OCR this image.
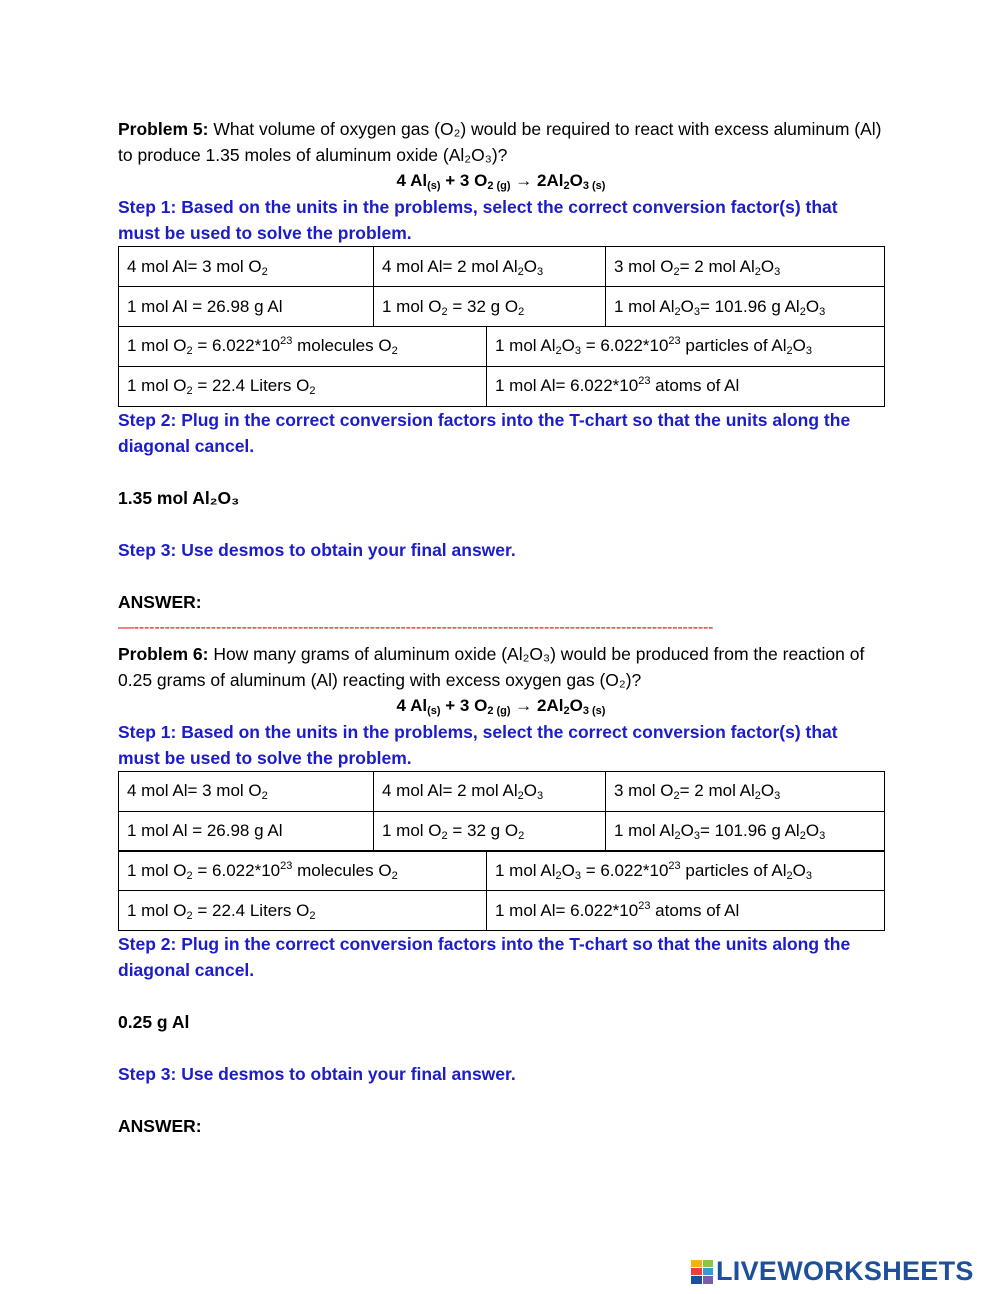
Problem 5: What volume of oxygen gas (O₂) would be required to react with excess aluminum (Al) to produce 1.35 moles of aluminum oxide (Al₂O₃)?

4 $Al_{(s)} + 3$ $O_{2 (g)} \to 2Al_2O_{3 (s)}$

Step 1: Based on the units in the problems, select the correct conversion factor(s) that must be used to solve the problem.

4 mol Al= 3 mol $O_2$	4 mol Al= 2 mol $Al_2O_3$	3 mol $O_2= 2$ mol $Al_2O_3$
1 mol Al = 26.98 g Al	1 mol $O_2 = 32$ g $O_2$	1 mol $Al_2O_3= 101.96$ g $Al_2O_3$
1 mol $O_2 = 6.022*10^{23}$ molecules $O_2$	1 mol $Al_2O_3 = 6.022*10^{23}$ particles of $Al_2O_3$
1 mol $O_2 = 22.4$ Liters $O_2$	1 mol $Al= 6.022*10^{23}$ atoms of Al

Step 2: Plug in the correct conversion factors into the T-chart so that the units along the diagonal cancel.

1.35 mol Al₂O₃

Step 3: Use desmos to obtain your final answer.

ANSWER:

—-----------------------------------------------------------------------------------------------------------------

Problem 6: How many grams of aluminum oxide (Al₂O₃) would be produced from the reaction of 0.25 grams of aluminum (Al) reacting with excess oxygen gas (O₂)?

4 $Al_{(s)} + 3$ $O_{2 (g)} \to 2Al_2O_{3 (s)}$

Step 1: Based on the units in the problems, select the correct conversion factor(s) that must be used to solve the problem.

4 mol Al= 3 mol $O_2$	4 mol Al= 2 mol $Al_2O_3$	3 mol $O_2= 2$ mol $Al_2O_3$
1 mol Al = 26.98 g Al	1 mol $O_2 = 32$ g $O_2$	1 mol $Al_2O_3= 101.96$ g $Al_2O_3$
1 mol $O_2 = 6.022*10^{23}$ molecules $O_2$	1 mol $Al_2O_3 = 6.022*10^{23}$ particles of $Al_2O_3$
1 mol $O_2 = 22.4$ Liters $O_2$	1 mol $Al= 6.022*10^{23}$ atoms of Al

Step 2: Plug in the correct conversion factors into the T-chart so that the units along the diagonal cancel.

0.25 g Al

Step 3: Use desmos to obtain your final answer.

ANSWER:

LIVEWORKSHEETS
